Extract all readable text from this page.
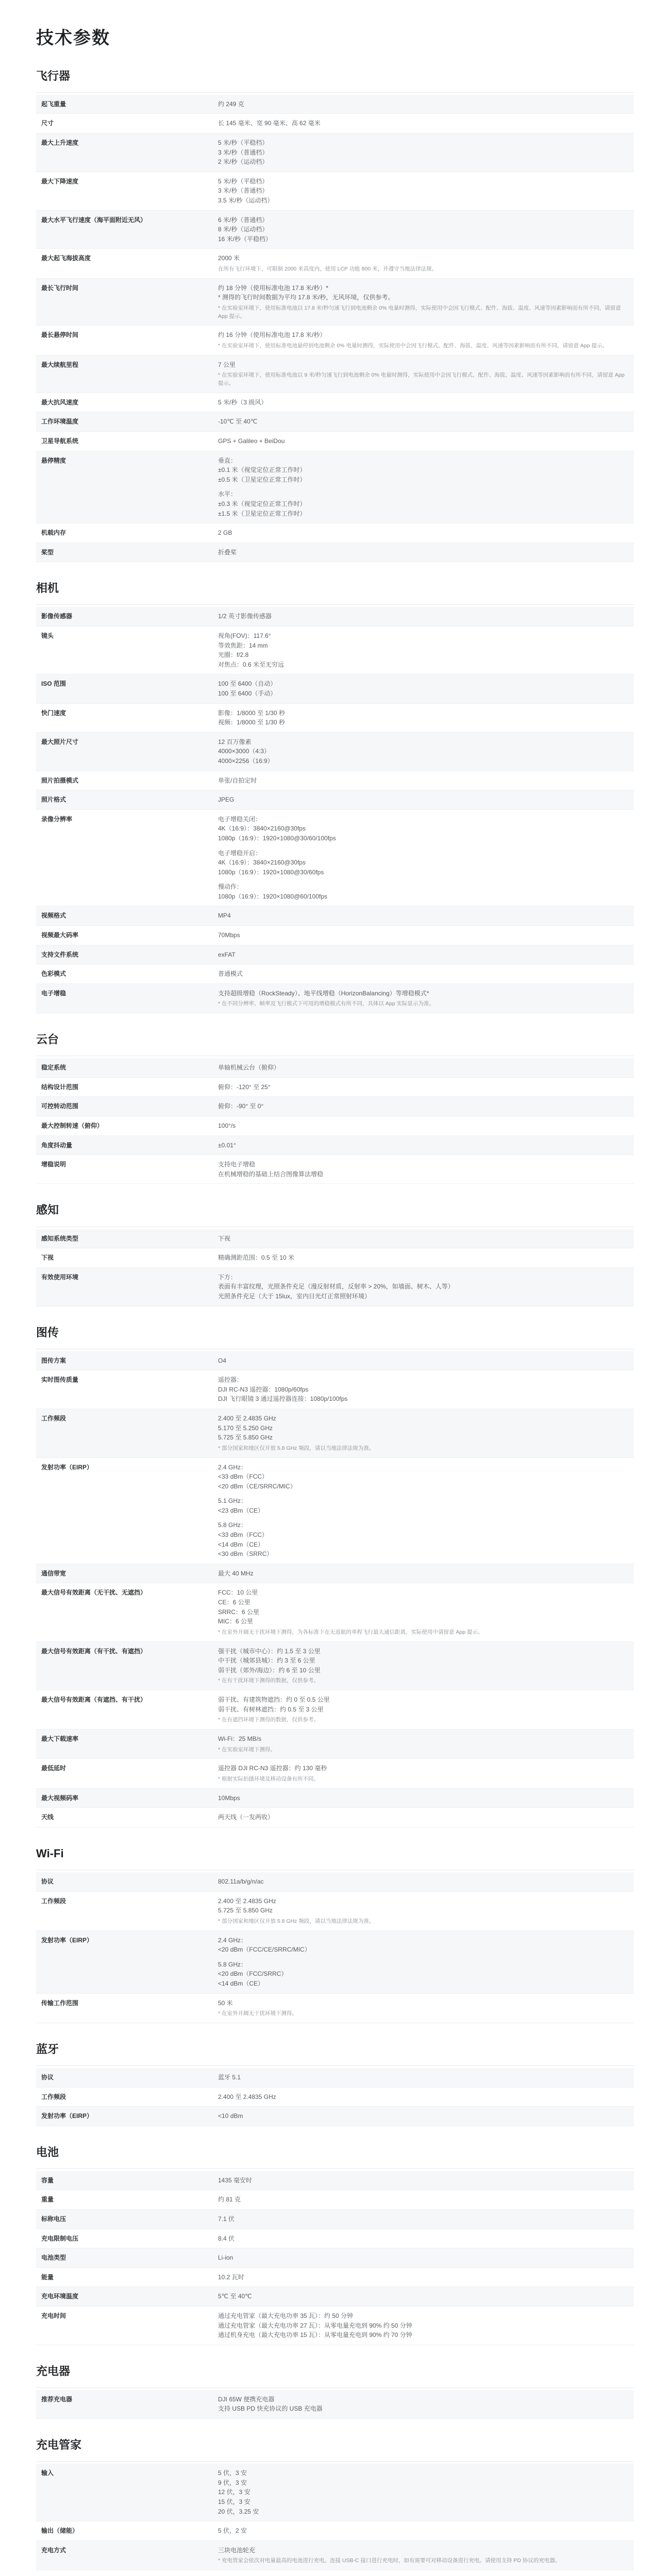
技术参数
飞行器
起飞重量	约 249 克
尺寸	长 145 毫米、宽 90 毫米、高 62 毫米
最大上升速度	5 米/秒（平稳档）
3 米/秒（普通档）
2 米/秒（运动档）
最大下降速度	5 米/秒（平稳档）
3 米/秒（普通档）
3.5 米/秒（运动档）
最大水平飞行速度（海平面附近无风）	6 米/秒（普通档）
8 米/秒（运动档）
16 米/秒（平稳档）
最大起飞海拔高度	2000 米
在所有飞行环境下，可限制 2000 米高度内，使用 LCP 功能 800 米，并遵守当地法律法规。
最长飞行时间	约 18 分钟（使用标准电池 17.8 米/秒）*
* 测得的飞行时间数据为平均 17.8 米/秒，无风环境，仅供参考。
* 在实验室环境下，使用标准电池以 17.8 米/秒匀速飞行到电池剩余 0% 电量时测得，实际使用中会因飞行模式、配件、海拔、温度、风速等因素影响而有所不同，请留意 App 提示。
最长悬停时间	约 16 分钟（使用标准电池 17.8 米/秒）
* 在实验室环境下，使用标准电池悬停到电池剩余 0% 电量时测得，实际使用中会因飞行模式、配件、海拔、温度、风速等因素影响而有所不同，请留意 App 提示。
最大续航里程	7 公里
* 在实验室环境下，使用标准电池以 9 米/秒匀速飞行到电池剩余 0% 电量时测得，实际使用中会因飞行模式、配件、海拔、温度、风速等因素影响而有所不同，请留意 App 提示。
最大抗风速度	5 米/秒（3 级风）
工作环境温度	-10℃ 至 40℃
卫星导航系统	GPS + Galileo + BeiDou
悬停精度	垂直：
±0.1 米（视觉定位正常工作时）
±0.5 米（卫星定位正常工作时）
水平：
±0.3 米（视觉定位正常工作时）
±1.5 米（卫星定位正常工作时）
机载内存	2 GB
桨型	折叠桨
相机
影像传感器	1/2 英寸影像传感器
镜头	视角(FOV)：117.6°
等效焦距：14 mm
光圈：f/2.8
对焦点：0.6 米至无穷远
ISO 范围	100 至 6400（自动）
100 至 6400（手动）
快门速度	影像：1/8000 至 1/30 秒
视频：1/8000 至 1/30 秒
最大照片尺寸	12 百万像素
4000×3000（4:3）
4000×2256（16:9）
照片拍摄模式	单张/自拍定时
照片格式	JPEG
录像分辨率	电子增稳关闭：
4K（16:9）：3840×2160@30fps
1080p（16:9）：1920×1080@30/60/100fps
电子增稳开启：
4K（16:9）：3840×2160@30fps
1080p（16:9）：1920×1080@30/60fps
慢动作：
1080p（16:9）：1920×1080@60/100fps
视频格式	MP4
视频最大码率	70Mbps
支持文件系统	exFAT
色彩模式	普通模式
电子增稳	支持超级增稳（RockSteady）、地平线增稳（HorizonBalancing）等增稳模式*
* 在不同分辨率、帧率及飞行模式下可用的增稳模式有所不同，具体以 App 实际显示为准。
云台
稳定系统	单轴机械云台（俯仰）
结构设计范围	俯仰：-120° 至 25°
可控转动范围	俯仰：-90° 至 0°
最大控制转速（俯仰）	100°/s
角度抖动量	±0.01°
增稳说明	支持电子增稳
在机械增稳的基础上结合图像算法增稳
感知
感知系统类型	下视
下视	精确测距范围：0.5 至 10 米
有效使用环境	下方：
表面有丰富纹理，光照条件充足（漫反射材质，反射率 > 20%，如墙面、树木、人等）
光照条件充足（大于 15lux，室内日光灯正常照射环境）
图传
图传方案	O4
实时图传质量	遥控器：
DJI RC-N3 遥控器：1080p/60fps
DJI 飞行眼镜 3 通过遥控器连接：1080p/100fps
工作频段	2.400 至 2.4835 GHz
5.170 至 5.250 GHz
5.725 至 5.850 GHz
* 部分国家和地区仅开放 5.8 GHz 频段，请以当地法律法规为准。
发射功率（EIRP）	2.4 GHz：
<33 dBm（FCC）
<20 dBm（CE/SRRC/MIC）
5.1 GHz：
<23 dBm（CE）
5.8 GHz：
<33 dBm（FCC）
<14 dBm（CE）
<30 dBm（SRRC）
通信带宽	最大 40 MHz
最大信号有效距离（无干扰、无遮挡）	FCC：10 公里
CE：6 公里
SRRC：6 公里
MIC：6 公里
* 在室外开阔无干扰环境下测得，为各标准下在无返航的单程飞行最大通信距离，实际使用中请留意 App 提示。
最大信号有效距离（有干扰、有遮挡）	强干扰（城市中心）：约 1.5 至 3 公里
中干扰（城郊县城）：约 3 至 6 公里
弱干扰（郊外/海边）：约 6 至 10 公里
* 在有干扰环境下测得的数据，仅供参考。
最大信号有效距离（有遮挡、有干扰）	弱干扰、有建筑物遮挡：约 0 至 0.5 公里
弱干扰、有树林遮挡：约 0.5 至 3 公里
* 在有遮挡环境下测得的数据，仅供参考。
最大下载速率	Wi-Fi：25 MB/s
* 在实验室环境下测得。
最低延时	遥控器 DJI RC-N3 遥控器：约 130 毫秒
* 根据实际拍摄环境及移动设备有所不同。
最大视频码率	10Mbps
天线	两天线（一发两收）
Wi-Fi
协议	802.11a/b/g/n/ac
工作频段	2.400 至 2.4835 GHz
5.725 至 5.850 GHz
* 部分国家和地区仅开放 5.8 GHz 频段，请以当地法律法规为准。
发射功率（EIRP）	2.4 GHz：
<20 dBm（FCC/CE/SRRC/MIC）
5.8 GHz：
<20 dBm（FCC/SRRC）
<14 dBm（CE）
传输工作范围	50 米
* 在室外开阔无干扰环境下测得。
蓝牙
协议	蓝牙 5.1
工作频段	2.400 至 2.4835 GHz
发射功率（EIRP）	<10 dBm
电池
容量	1435 毫安时
重量	约 81 克
标称电压	7.1 伏
充电限制电压	8.4 伏
电池类型	Li-ion
能量	10.2 瓦时
充电环境温度	5℃ 至 40℃
充电时间	通过充电管家（最大充电功率 35 瓦）：约 50 分钟
通过充电管家（最大充电功率 27 瓦）：从零电量充电到 90% 约 50 分钟
通过机身充电（最大充电功率 15 瓦）：从零电量充电到 90% 约 70 分钟
充电器
推荐充电器	DJI 65W 便携充电器
支持 USB PD 快充协议的 USB 充电器
充电管家
输入	5 伏，3 安
9 伏，3 安
12 伏，3 安
15 伏，3 安
20 伏，3.25 安
输出（储能）	5 伏，2 安
充电方式	三块电池轮充
* 充电管家会依次对电量最高的电池进行充电。连接 USB-C 接口进行充电时，如有需要可对移动设备进行充电。请使用支持 PD 协议的充电器。
